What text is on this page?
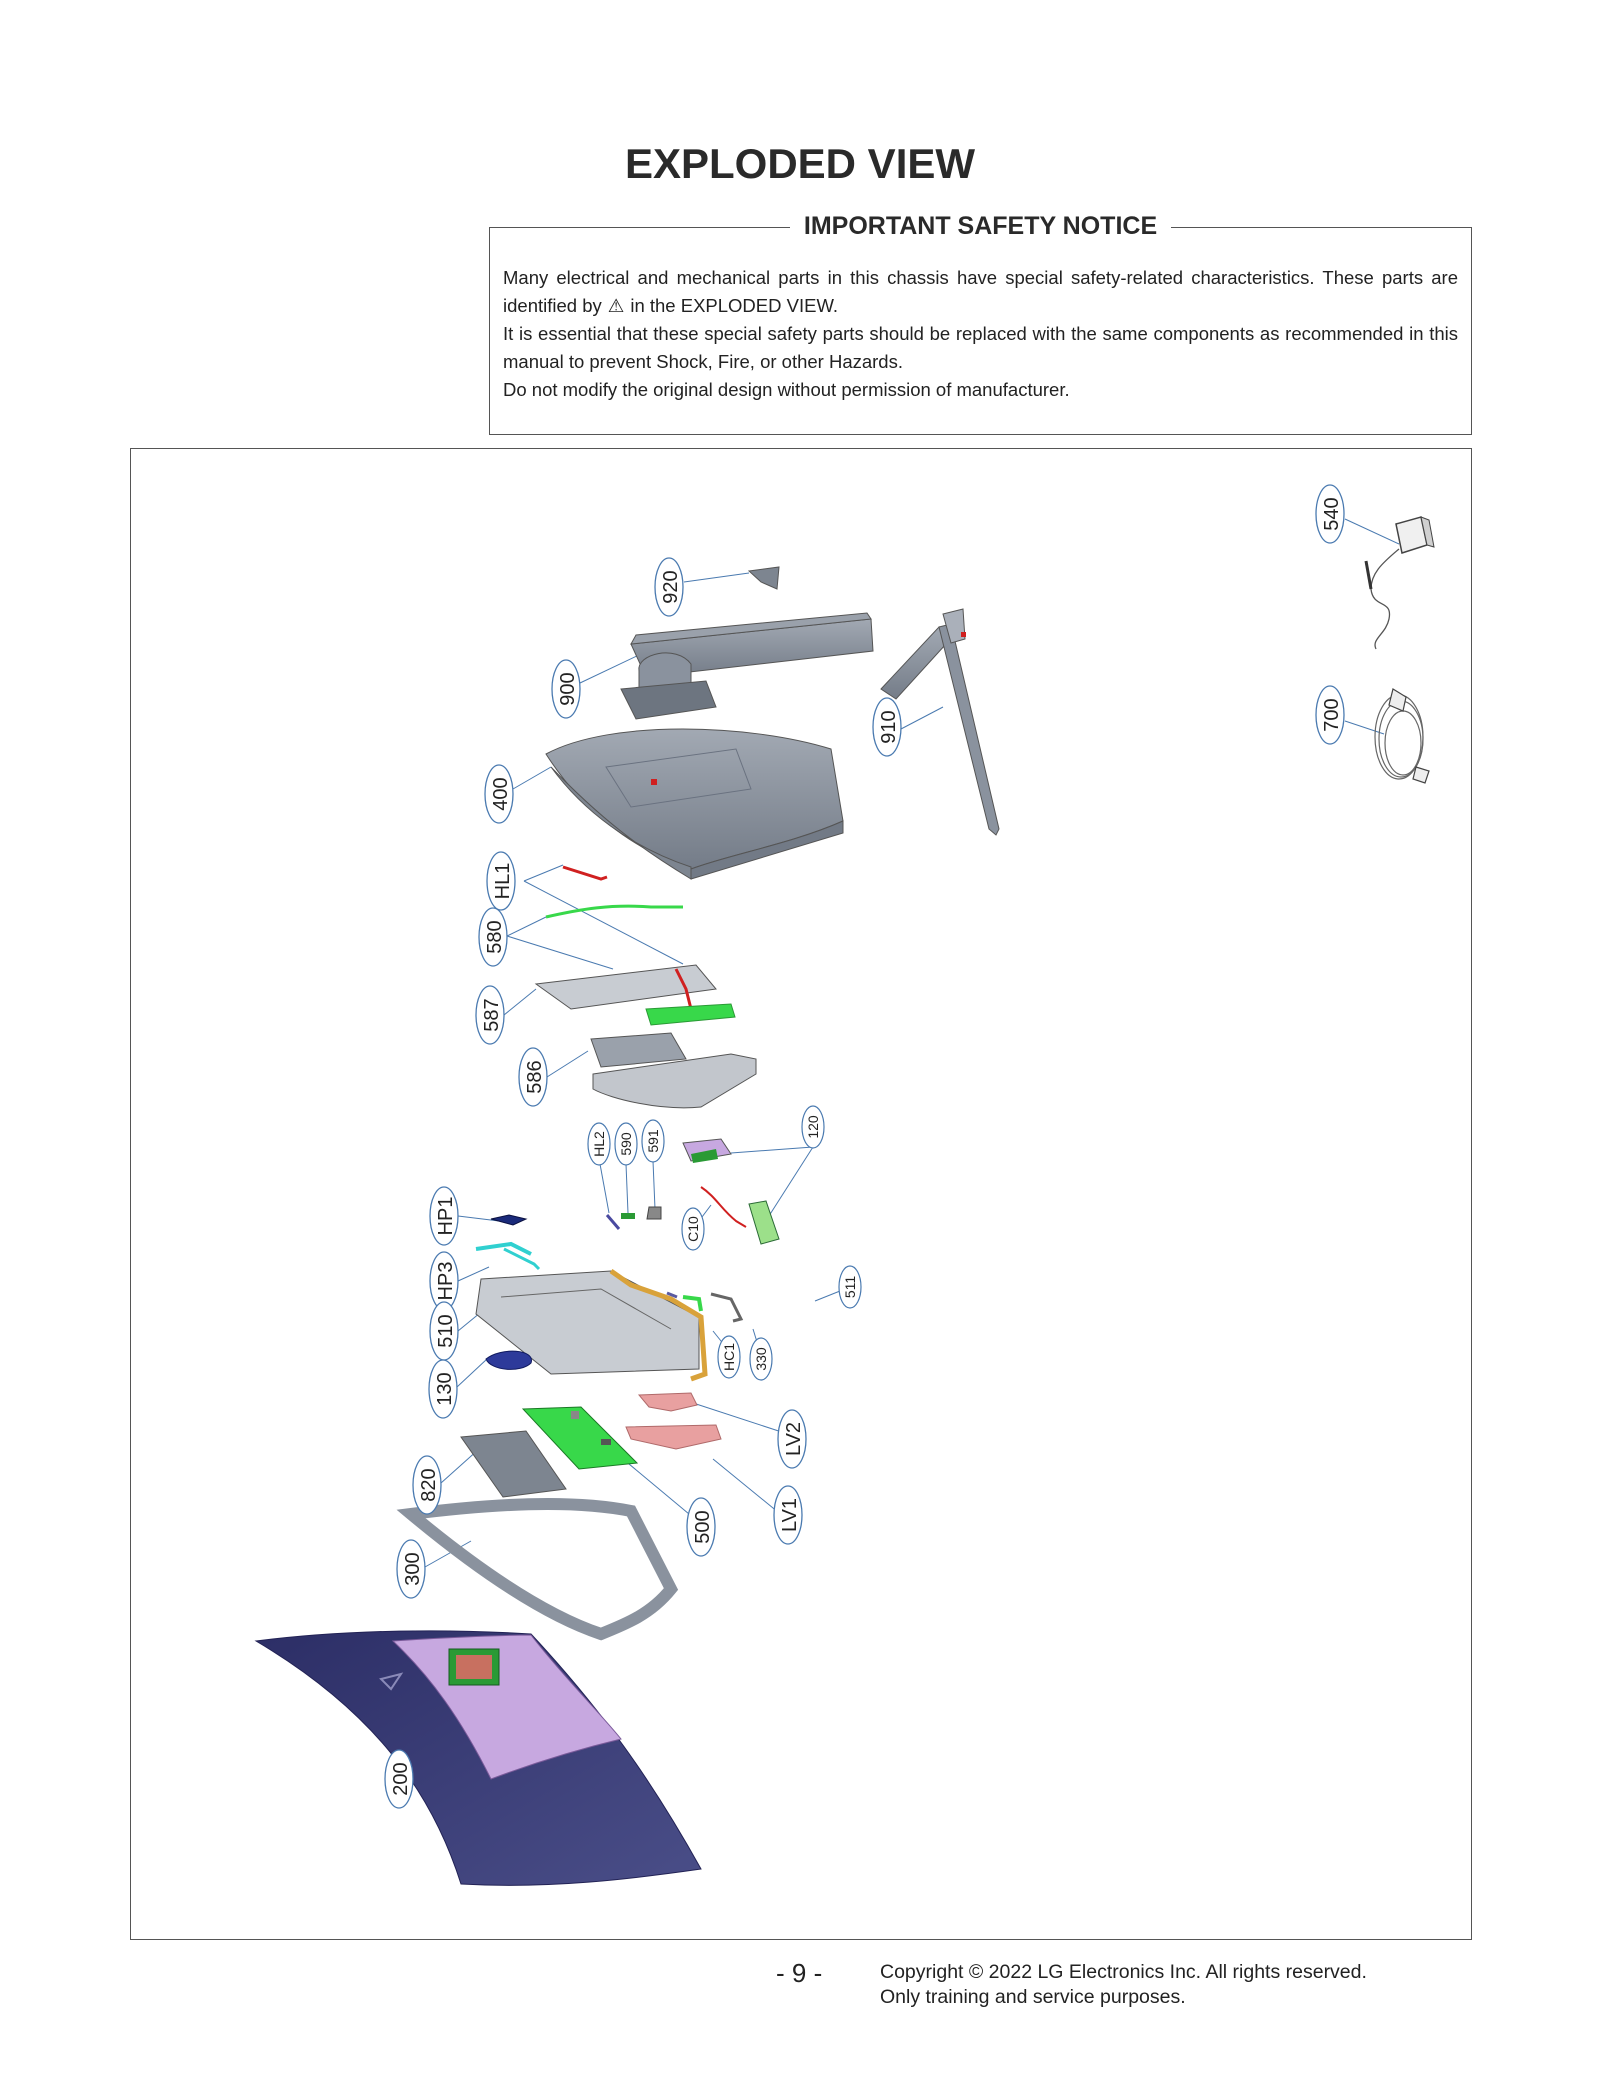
EXPLODED VIEW
IMPORTANT SAFETY NOTICE

Many electrical and mechanical parts in this chassis have special safety-related characteristics. These parts are identified by ⚠ in the EXPLODED VIEW.

It is essential that these special safety parts should be replaced with the same components as recommended in this manual to prevent Shock, Fire, or other Hazards.

Do not modify the original design without permission of manufacturer.

540
700
920
900
910
400
HL1
580
587
586
HP1
HP3
510
130
LV2
820
LV1
500
300
200
HL2 590 591
120
C10
511
HC1 330
- 9 -	Copyright © 2022 LG Electronics Inc. All rights reserved.
Only training and service purposes.
